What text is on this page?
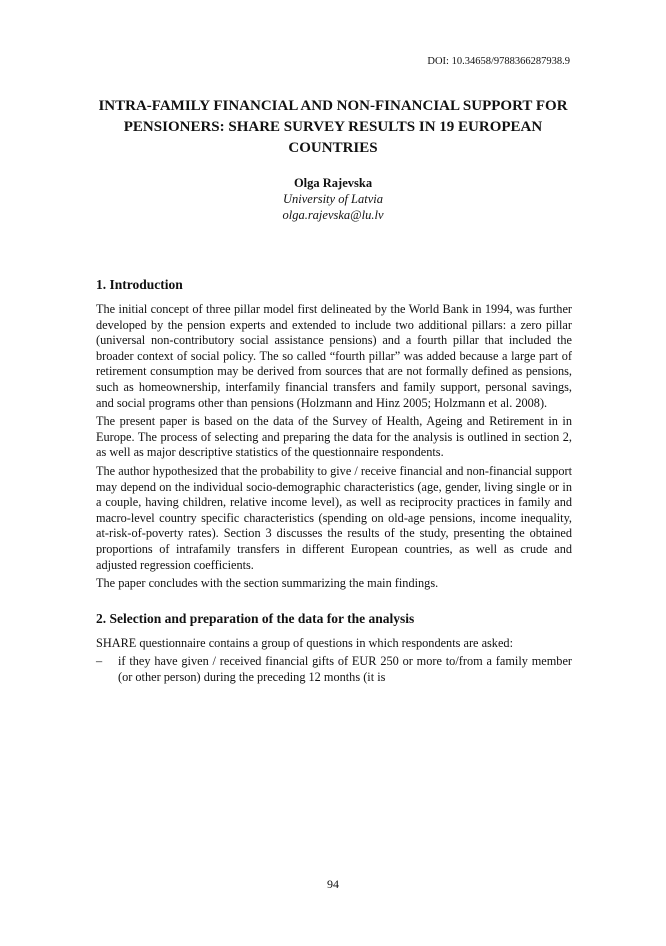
DOI: 10.34658/9788366287938.9
INTRA-FAMILY FINANCIAL AND NON-FINANCIAL SUPPORT FOR PENSIONERS: SHARE SURVEY RESULTS IN 19 EUROPEAN COUNTRIES
Olga Rajevska
University of Latvia
olga.rajevska@lu.lv
1. Introduction

The initial concept of three pillar model first delineated by the World Bank in 1994, was further developed by the pension experts and extended to include two additional pillars: a zero pillar (universal non-contributory social assistance pensions) and a fourth pillar that included the broader context of social policy. The so called “fourth pillar” was added because a large part of retirement consumption may be derived from sources that are not formally defined as pensions, such as homeownership, interfamily financial transfers and family support, personal savings, and social programs other than pensions (Holzmann and Hinz 2005; Holzmann et al. 2008).

The present paper is based on the data of the Survey of Health, Ageing and Retirement in in Europe. The process of selecting and preparing the data for the analysis is outlined in section 2, as well as major descriptive statistics of the questionnaire respondents.

The author hypothesized that the probability to give / receive financial and non-financial support may depend on the individual socio-demographic characteristics (age, gender, living single or in a couple, having children, relative income level), as well as reciprocity practices in family and macro-level country specific characteristics (spending on old-age pensions, income inequality, at-risk-of-poverty rates). Section 3 discusses the results of the study, presenting the obtained proportions of intrafamily transfers in different European countries, as well as crude and adjusted regression coefficients.

The paper concludes with the section summarizing the main findings.

2. Selection and preparation of the data for the analysis

SHARE questionnaire contains a group of questions in which respondents are asked:

– if they have given / received financial gifts of EUR 250 or more to/from a family member (or other person) during the preceding 12 months (it is
94
